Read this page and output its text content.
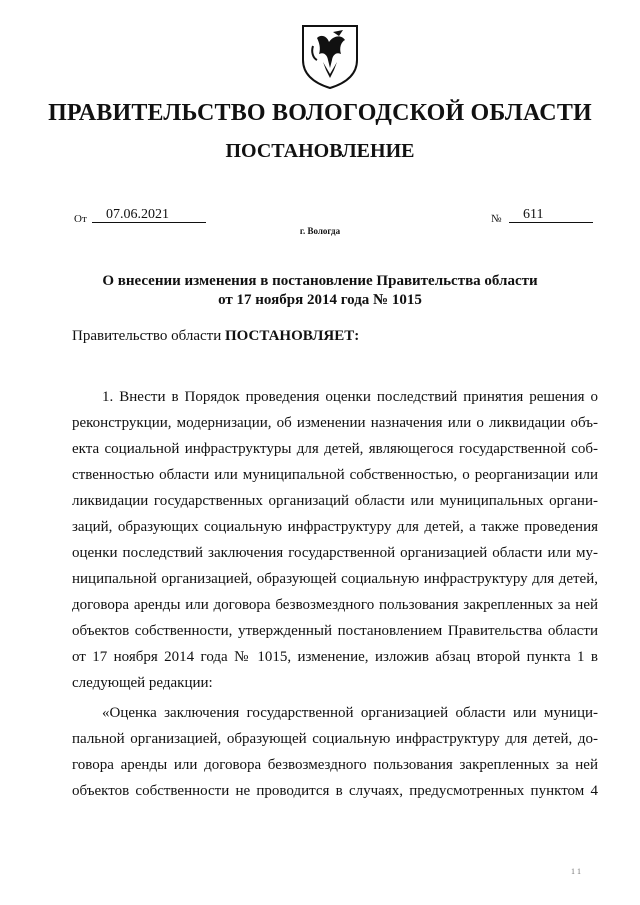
ПРАВИТЕЛЬСТВО ВОЛОГОДСКОЙ ОБЛАСТИ
ПОСТАНОВЛЕНИЕ
От	07.06.2021	№	611
г. Вологда
О внесении изменения в постановление Правительства области
от 17 ноября 2014 года № 1015
Правительство области ПОСТАНОВЛЯЕТ:
1. Внести в Порядок проведения оценки последствий принятия решения о
реконструкции, модернизации, об изменении назначения или о ликвидации объ-
екта социальной инфраструктуры для детей, являющегося государственной соб-
ственностью области или муниципальной собственностью, о реорганизации или
ликвидации государственных организаций области или муниципальных органи-
заций, образующих социальную инфраструктуру для детей, а также проведения
оценки последствий заключения государственной организацией области или му-
ниципальной организацией, образующей социальную инфраструктуру для детей,
договора аренды или договора безвозмездного пользования закрепленных за ней
объектов собственности, утвержденный постановлением Правительства области
от 17 ноября 2014 года № 1015, изменение, изложив абзац второй пункта 1 в
следующей редакции:
«Оценка заключения государственной организацией области или муници-
пальной организацией, образующей социальную инфраструктуру для детей, до-
говора аренды или договора безвозмездного пользования закрепленных за ней
объектов собственности не проводится в случаях, предусмотренных пунктом 4
1 1
